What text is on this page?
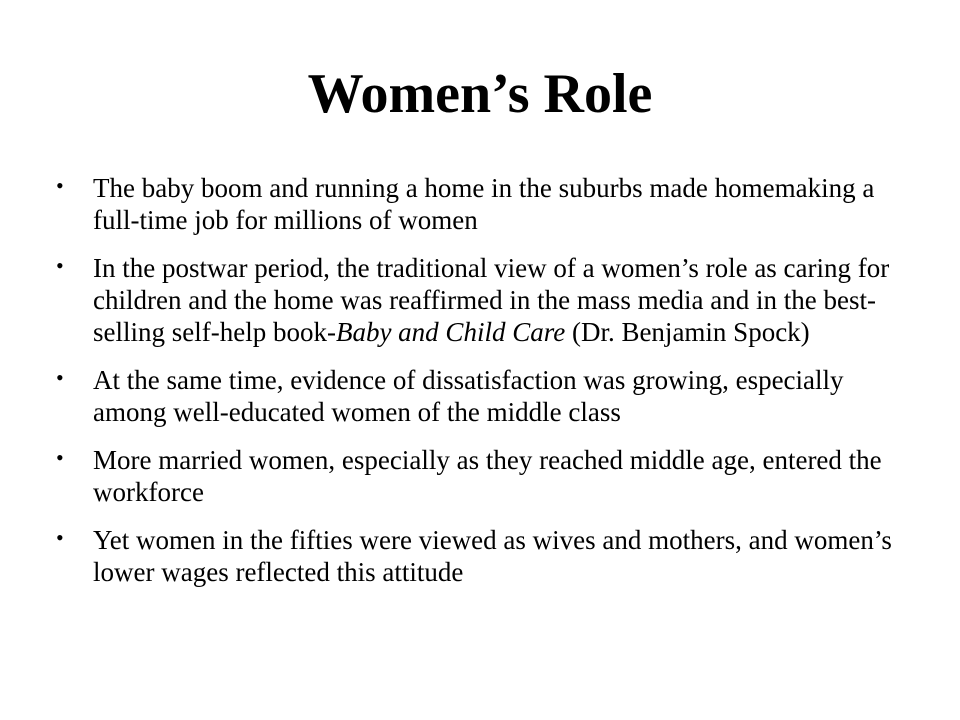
Women’s Role
• The baby boom and running a home in the suburbs made homemaking a full-time job for millions of women
• In the postwar period, the traditional view of a women’s role as caring for children and the home was reaffirmed in the mass media and in the best-selling self-help book-Baby and Child Care (Dr. Benjamin Spock)
• At the same time, evidence of dissatisfaction was growing, especially among well-educated women of the middle class
• More married women, especially as they reached middle age, entered the workforce
• Yet women in the fifties were viewed as wives and mothers, and women’s lower wages reflected this attitude
